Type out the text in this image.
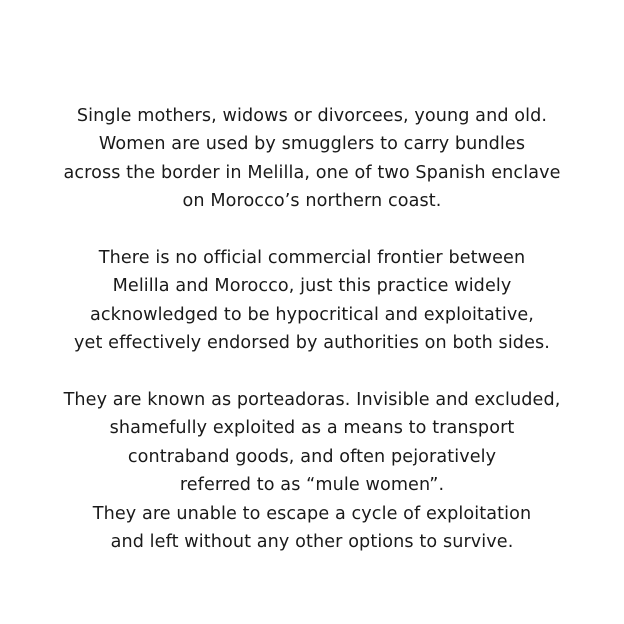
Single mothers, widows or divorcees, young and old.
Women are used by smugglers to carry bundles
across the border in Melilla, one of two Spanish enclave
on Morocco’s northern coast.

There is no official commercial frontier between
Melilla and Morocco, just this practice widely
acknowledged to be hypocritical and exploitative,
yet effectively endorsed by authorities on both sides.

They are known as porteadoras. Invisible and excluded,
shamefully exploited as a means to transport
contraband goods, and often pejoratively
referred to as “mule women”.
They are unable to escape a cycle of exploitation
and left without any other options to survive.
